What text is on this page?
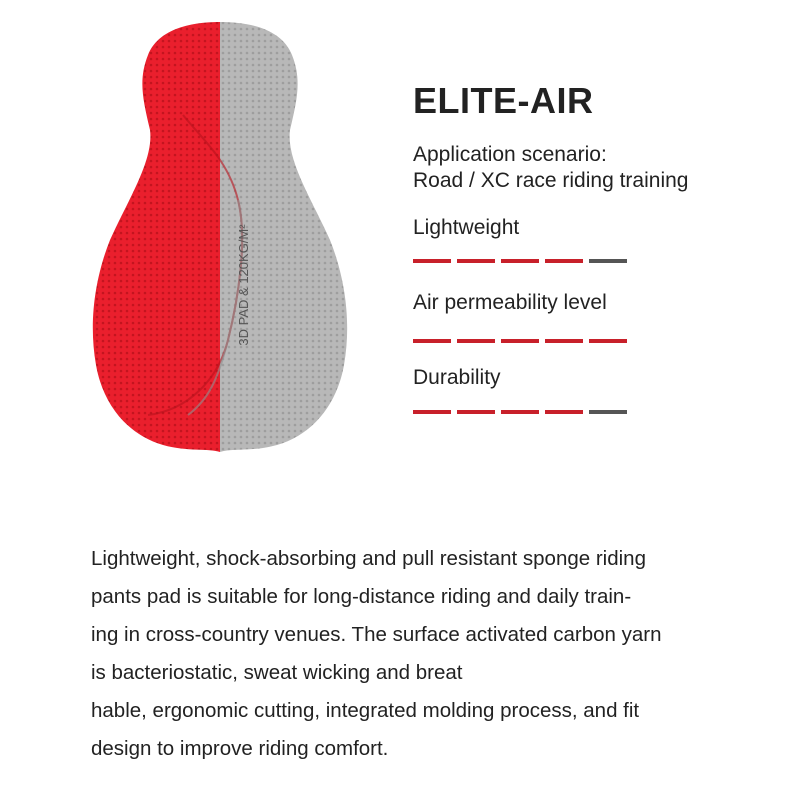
3D PAD & 120KG/M²
ELITE-AIR
Application scenario:
Road / XC race riding training
Lightweight
Air permeability level
Durability
Lightweight, shock-absorbing and pull resistant sponge riding
pants pad is suitable for long-distance riding and daily train-
ing in cross-country venues. The surface activated carbon yarn
is bacteriostatic, sweat wicking and breat
hable, ergonomic cutting, integrated molding process, and fit
design to improve riding comfort.
